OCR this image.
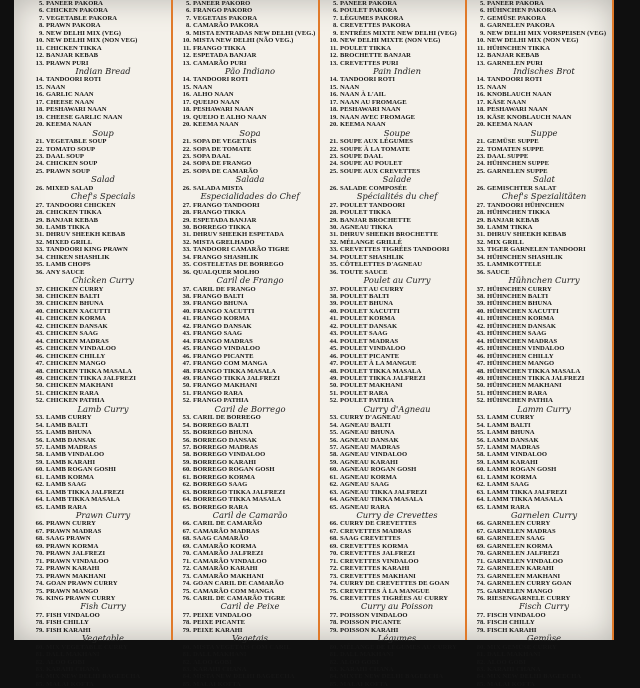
5. PANEER PAKORA
6. CHICKEN PAKORA
7. VEGETABLE PAKORA
8. PRAWN PAKORA
9. NEW DELHI MIX (VEG)
10. NEW DELHI MIX (NON VEG)
11. CHICKEN TIKKA
12. BANJAR KEBAB
13. PRAWN PURI
Indian Bread
14. TANDOORI ROTI
15. NAAN
16. GARLIC NAAN
17. CHEESE NAAN
18. PESHAWARI NAAN
19. CHEESE GARLIC NAAN
20. KEEMA NAAN
Soup
21. VEGETABLE SOUP
22. TOMATO SOUP
23. DAAL SOUP
24. CHICKEN SOUP
25. PRAWN SOUP
Salad
26. MIXED SALAD
Chef's Specials
27. TANDOORI CHICKEN
28. CHICKEN TIKKA
29. BANJAR KEBAB
30. LAMB TIKKA
31. DHRUV SHEEKH KEBAB
32. MIXED GRILL
33. TANDOORI KING PRAWN
34. CHIKEN SHASHLIK
35. LAMB CHOPS
36. ANY SAUCE
Chicken Curry
37. CHICKEN CURRY
38. CHICKEN BALTI
39. CHICKEN BHUNA
40. CHICKEN XACUTTI
41. CHICKEN KORMA
42. CHICKEN DANSAK
43. CHICKEN SAAG
44. CHICKEN MADRAS
45. CHICKEN VINDALOO
46. CHICKEN CHILLY
47. CHICKEN MANGO
48. CHICKEN TIKKA MASALA
49. CHICKEN TIKKA JALFREZI
50. CHICKEN MAKHANI
51. CHICKEN RARA
52. CHICKEN PATHIA
Lamb Curry
53. LAMB CURRY
54. LAMB BALTI
55. LAMB BHUNA
56. LAMB DANSAK
57. LAMB MADRAS
58. LAMB VINDALOO
59. LAMB KARAHI
60. LAMB ROGAN GOSHI
61. LAMB KORMA
62. LAMB SAAG
63. LAMB TIKKA JALFREZI
64. LAMB TIKKA MASALA
65. LAMB RARA
Prawn Curry
66. PRAWN CURRY
67. PRAWN MADRAS
68. SAAG PRAWN
69. PRAWN KORMA
70. PRAWN JALFREZI
71. PRAWN VINDALOO
72. PRAWN KARAHI
73. PRAWN MAKHANI
74. GOAN PRAWN CURRY
75. PRAWN MANGO
76. KING PRAWN CURRY
Fish Curry
77. FISH VINDALOO
78. FISH CHILLY
79. FISH KARAHI
Vegetable
80. MIX VEGETABLE CURRY
81. DALL MAKHANI
82. ALOO GOBI
83. KARAHI CHANA
84. MIX NEW DELHI BAGEECHA
85. MALAI KOFTA
5. PANEER PAKORO
6. FRANGO PAKORO
7. VEGETAIS PAKORA
8. CAMARÃO PAKORA
9. MISTA ENTRADAS NEW DELHI (VEG.)
10. MISTA NEW DELHI (NÃO VEG.)
11. FRANGO TIKKA
12. ESPETADA BANJAR
13. CAMARÃO PURI
Pão Indiano
14. TANDOORI ROTI
15. NAAN
16. ALHO NAAN
17. QUEIJO NAAN
18. PESHAWARI NAAN
19. QUEIJO E ALHO NAAN
20. KEEMA NAAN
Sopa
21. SOPA DE VEGETAIS
22. SOPA DE TOMATE
23. SOPA DAAL
24. SOPA DE FRANGO
25. SOPA DE CAMARÃO
Salada
26. SALADA MISTA
Especialidades do Chef
27. FRANGO TANDOORI
28. FRANGO TIKKA
29. ESPETADA BANJAR
30. BORREGO TIKKA
31. DHRUV SHEEKH ESPETADA
32. MISTA GRELHADO
33. TANDOORI CAMARÃO TIGRE
34. FRANGO SHASHLIK
35. COSTELETAS DE BORREGO
36. QUALQUER MOLHO
Caril de Frango
37. CARIL DE FRANGO
38. FRANGO BALTI
39. FRANGO BHUNA
40. FRANGO XACUTTI
41. FRANGO KORMA
42. FRANGO DANSAK
43. FRANGO SAAG
44. FRANGO MADRAS
45. FRANGO VINDALOO
46. FRANGO PICANTE
47. FRANGO COM MANGA
48. FRANGO TIKKA MASALA
49. FRANGO TIKKA JALFREZI
50. FRANGO MAKHANI
51. FRANGO RARA
52. FRANGO PATHIA
Caril de Borrego
53. CARIL DE BORREGO
54. BORREGO BALTI
55. BORREGO BHUNA
56. BORREGO DANSAK
57. BORREGO MADRAS
58. BORREGO VINDALOO
59. BORREGO KARAHI
60. BORREGO ROGAN GOSH
61. BORREGO KORMA
62. BORREGO SAAG
63. BORREGO TIKKA JALFREZI
64. BORREGO TIKKA MASALA
65. BORREGO RARA
Caril de Camarão
66. CARIL DE CAMARÃO
67. CAMARÃO MADRAS
68. SAAG CAMARÃO
69. CAMARÃO KORMA
70. CAMARÃO JALFREZI
71. CAMARÃO VINDALOO
72. CAMARÃO KARAHI
73. CAMARÃO MAKHANI
74. GOAN CARIL DE CAMARÃO
75. CAMARÃO COM MANGA
76. CARIL DE CAMARÃO TIGRE
Caril de Peixe
77. PEIXE VINDALOO
78. PEIXE PICANTE
79. PEIXE KARAHI
Vegetais
80. MISTA VEGETAIS COM CARIL
81. DALL MAKHANI
82. ALOO GOBI
83. KARAHI CHANA
84. MISTA NEW DELHI BAGEECHA
85. MALAI KOFTA
5. PANEER PAKORA
6. POULET PAKORA
7. LÉGUMES PAKORA
8. CREVETTES PAKORA
9. ENTRÉES MIXTE NEW DELHI (VEG)
10. NEW DELHI MIXTE (NON VEG)
11. POULET TIKKA
12. BROCHETTE BANJAR
13. CREVETTES PURI
Pain Indien
14. TANDOORI ROTI
15. NAAN
16. NAAN À L'AIL
17. NAAN AU FROMAGE
18. PESHAWARI NAAN
19. NAAN AVEC FROMAGE
20. KEEMA NAAN
Soupe
21. SOUPE AUX LÉGUMES
22. SOUPE À LA TOMATE
23. SOUPE DAAL
24. SOUPE AU POULET
25. SOUPE AUX CREVETTES
Salade
26. SALADE COMPOSÉE
Spécialités du chef
27. POULET TANDOORI
28. POULET TIKKA
29. BANJAR BROCHETTE
30. AGNEAU TIKKA
31. DHRUV SHEEKH BROCHETTE
32. MÉLANGE GRILLÉ
33. CREVETTES TIGRÉES TANDOORI
34. POULET SHASHLIK
35. CÔTELETTES D'AGNEAU
36. TOUTE SAUCE
Poulet au Curry
37. POULET AU CURRY
38. POULET BALTI
39. POULET BHUNA
40. POULET XACUTTI
41. POULET KORMA
42. POULET DANSAK
43. POULET SAAG
44. POULET MADRAS
45. POULET VINDALOO
46. POULET PICANTE
47. POULET À LA MANGUE
48. POULET TIKKA MASALA
49. POULET TIKKA JALFREZI
50. POULET MAKHANI
51. POULET RARA
52. POULET PATHIA
Curry d'Agneau
53. CURRY D'AGNEAU
54. AGNEAU BALTI
55. AGNEAU BHUNA
56. AGNEAU DANSAK
57. AGNEAU MADRAS
58. AGNEAU VINDALOO
59. AGNEAU KARAHI
60. AGNEAU ROGAN GOSH
61. AGNEAU KORMA
62. AGNEAU SAAG
63. AGNEAU TIKKA JALFREZI
64. AGNEAU TIKKA MASALA
65. AGNEAU RARA
Curry de Crevettes
66. CURRY DE CREVETTES
67. CREVETTES MADRAS
68. SAAG CREVETTES
69. CREVETTES KORMA
70. CREVETTES JALFREZI
71. CREVETTES VINDALOO
72. CREVETTES KARAHI
73. CREVETTES MAKHANI
74. CURRY DE CREVETTES DE GOAN
75. CREVETTES À LA MANGUE
76. CREVETTES TIGRÉES AU CURRY
Curry au Poisson
77. POISSON VINDALOO
78. POISSON PICANTE
79. POISSON KARAHI
Légumes
80. MÉLANGE DE LÉGUMES AU CURRY
81. DALL MAKHANI
82. ALOO GOBI
83. KARAHI CHANA
84. MIXTE NEW DELHI BAGEECHA
85. MALAI KOFTA
5. PANEER PAKORA
6. HÜHNCHEN PAKORA
7. GEMÜSE PAKORA
8. GARNELEN PAKORA
9. NEW DELHI MIX VORSPEISEN (VEG)
10. NEW DELHI MIX (NON VEG)
11. HÜHNCHEN TIKKA
12. BANJAR KEBAB
13. GARNELEN PURI
Indisches Brot
14. TANDOORI ROTI
15. NAAN
16. KNOBLAUCH NAAN
17. KÄSE NAAN
18. PESHAWARI NAAN
19. KÄSE KNOBLAUCH NAAN
20. KEEMA NAAN
Suppe
21. GEMÜSE SUPPE
22. TOMATEN SUPPE
23. DAAL SUPPE
24. HÜHNCHEN SUPPE
25. GARNELEN SUPPE
Salat
26. GEMISCHTER SALAT
Chef's Spezialitäten
27. TANDOORI HÜHNCHEN
28. HÜHNCHEN TIKKA
29. BANJAR KEBAB
30. LAMM TIKKA
31. DHRUV SHEEKH KEBAB
32. MIX GRILL
33. TIGER GARNELEN TANDOORI
34. HÜHNCHEN SHASHLIK
35. LAMMKOTTELE
36. SAUCE
Hühnchen Curry
37. HÜHNCHEN CURRY
38. HÜHNCHEN BALTI
39. HÜHNCHEN BHUNA
40. HÜHNCHEN XACUTTI
41. HÜHNCHEN KORMA
42. HÜHNCHEN DANSAK
43. HÜHNCHEN SAAG
44. HÜHNCHEN MADRAS
45. HÜHNCHEN VINDALOO
46. HÜHNCHEN CHILLY
47. HÜHNCHEN MANGO
48. HÜHNCHEN TIKKA MASALA
49. HÜHNCHEN TIKKA JALFREZI
50. HÜHNCHEN MAKHANI
51. HÜHNCHEN RARA
52. HÜHNCHEN PATHIA
Lamm Curry
53. LAMM CURRY
54. LAMM BALTI
55. LAMM BHUNA
56. LAMM DANSAK
57. LAMM MADRAS
58. LAMM VINDALOO
59. LAMM KARAHI
60. LAMM ROGAN GOSH
61. LAMM KORMA
62. LAMM SAAG
63. LAMM TIKKA JALFREZI
64. LAMM TIKKA MASALA
65. LAMM RARA
Garnelen Curry
66. GARNELEN CURRY
67. GARNELEN MADRAS
68. GARNELEN SAAG
69. GARNELEN KORMA
70. GARNELEN JALFREZI
71. GARNELEN VINDALOO
72. GARNELEN KARAHI
73. GARNELEN MAKHANI
74. GARNELEN CURRY GOAN
75. GARNELEN MANGO
76. RIESENGARNELE CURRY
Fisch Curry
77. FISCH VINDALOO
78. FISCH CHILLY
79. FISCH KARAHI
Gemüse
80. MIX GEMÜSE CURRY
81. DALL MAKHANI
82. ALOO GOBI
83. KARAHI CHANA
84. MIX NEW DELHI BAGEECHA
85. MALAI KOFTA
